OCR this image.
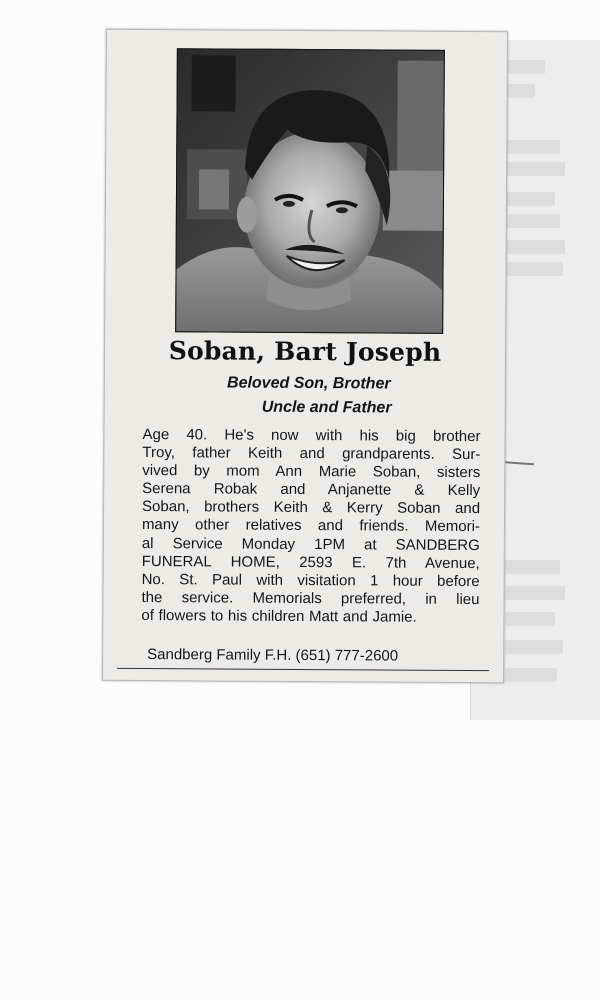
Soban, Bart Joseph
Beloved Son, Brother
Uncle and Father
Age 40. He's now with his big brother
Troy, father Keith and grandparents. Sur-
vived by mom Ann Marie Soban, sisters
Serena Robak and Anjanette & Kelly
Soban, brothers Keith & Kerry Soban and
many other relatives and friends. Memori-
al Service Monday 1PM at SANDBERG
FUNERAL HOME, 2593 E. 7th Avenue,
No. St. Paul with visitation 1 hour before
the service. Memorials preferred, in lieu
of flowers to his children Matt and Jamie.
Sandberg Family F.H. (651) 777-2600
